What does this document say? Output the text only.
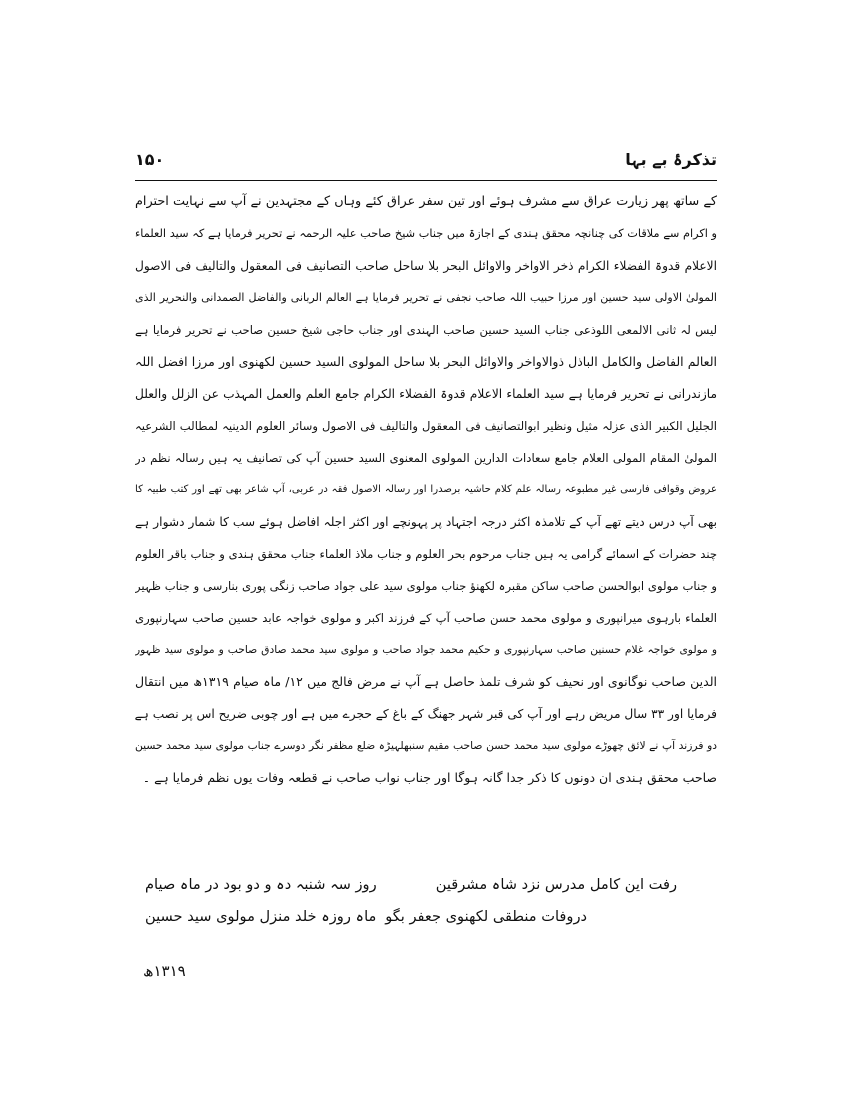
تذکرۂ بے بہا
۱۵۰
کے ساتھ پھر زیارت عراق سے مشرف ہوئے اور تین سفر عراق کئے وہاں کے مجتہدین نے آپ سے نہایت احترام
و اکرام سے ملاقات کی چنانچہ محقق ہندی کے اجازۃ میں جناب شیخ صاحب علیہ الرحمہ نے تحریر فرمایا ہے کہ سید العلماء
الاعلام قدوۃ الفضلاء الکرام ذخر الاواخر والاوائل البحر بلا ساحل صاحب التصانیف فی المعقول والتالیف فی الاصول
المولیٰ الاولی سید حسین اور مرزا حبیب اللہ صاحب نجفی نے تحریر فرمایا ہے العالم الربانی والفاضل الصمدانی والنحریر الذی
لیس لہ ثانی الالمعی اللوذعی جناب السید حسین صاحب الہندی اور جناب حاجی شیخ حسین صاحب نے تحریر فرمایا ہے
العالم الفاضل والکامل الباذل ذوالاواخر والاوائل البحر بلا ساحل المولوی السید حسین لکھنوی اور مرزا افضل اللہ
مازندرانی نے تحریر فرمایا ہے سید العلماء الاعلام قدوۃ الفضلاء الکرام جامع العلم والعمل المہذب عن الزلل والعلل
الجلیل الکبیر الذی عزلہ مثیل ونظیر ابوالتصانیف فی المعقول والتالیف فی الاصول وسائر العلوم الدینیہ لمطالب الشرعیہ
المولیٰ المقام المولی العلام جامع سعادات الدارین المولوی المعنوی السید حسین آپ کی تصانیف یہ ہیں رسالہ نظم در
عروض وقوافی فارسی غیر مطبوعہ رسالہ علم کلام حاشیہ برصدرا اور رسالہ الاصول فقہ در عربی، آپ شاعر بھی تھے اور کتب طبیہ کا
بھی آپ درس دیتے تھے آپ کے تلامذہ اکثر درجہ اجتہاد پر پہونچے اور اکثر اجلہ افاضل ہوئے سب کا شمار دشوار ہے
چند حضرات کے اسمائے گرامی یہ ہیں جناب مرحوم بحر العلوم و جناب ملاذ العلماء جناب محقق ہندی و جناب باقر العلوم
و جناب مولوی ابوالحسن صاحب ساکن مقبرہ لکھنؤ جناب مولوی سید علی جواد صاحب زنگی پوری بنارسی و جناب ظہیر
العلماء بارہوی میرانپوری و مولوی محمد حسن صاحب آپ کے فرزند اکبر و مولوی خواجہ عابد حسین صاحب سہارنپوری
و مولوی خواجہ غلام حسنین صاحب سہارنپوری و حکیم محمد جواد صاحب و مولوی سید محمد صادق صاحب و مولوی سید ظہور
الدین صاحب نوگانوی اور نحیف کو شرف تلمذ حاصل ہے آپ نے مرض فالج میں ۱۲/ ماہ صیام ۱۳۱۹ھ میں انتقال
فرمایا اور ۳۳ سال مریض رہے اور آپ کی قبر شہر جھنگ کے باغ کے حجرے میں ہے اور چوبی ضریح اس پر نصب ہے
دو فرزند آپ نے لائق چھوڑے مولوی سید محمد حسن صاحب مقیم سنبھلہیڑہ ضلع مظفر نگر دوسرے جناب مولوی سید محمد حسین
صاحب محقق ہندی ان دونوں کا ذکر جدا گانہ ہوگا اور جناب نواب صاحب نے قطعہ وفات یوں نظم فرمایا ہے ۔
روز سہ شنبہ دہ و دو بود در ماہ صیام	رفت این کامل مدرس نزد شاہ مشرقین
دروفات منطقی لکھنوی جعفر بگو
ماہ روزہ خلد منزل مولوی سید حسین
۱۳۱۹ھ
